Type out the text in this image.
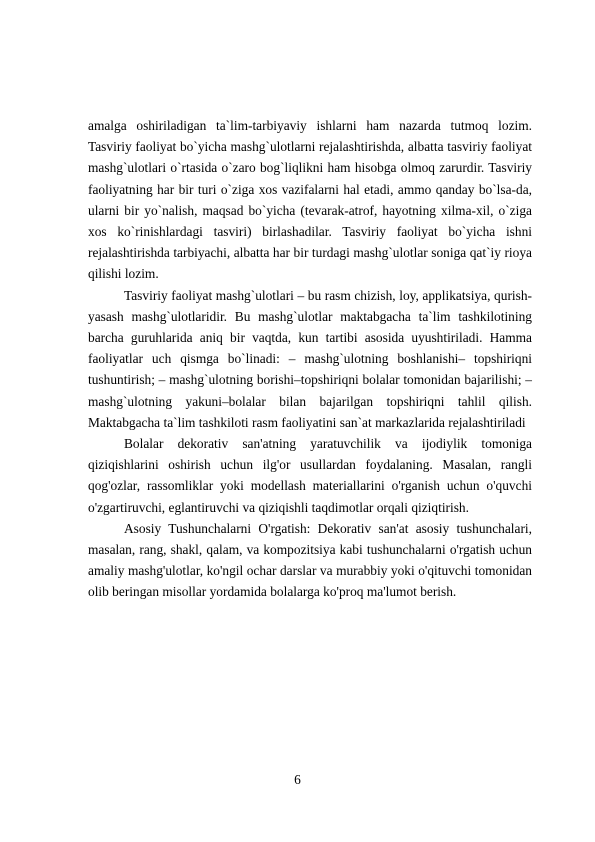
amalga oshiriladigan ta`lim-tarbiyaviy ishlarni ham nazarda tutmoq lozim. Tasviriy faoliyat bo`yicha mashg`ulotlarni rejalashtirishda, albatta tasviriy faoliyat mashg`ulotlari o`rtasida o`zaro bog`liqlikni ham hisobga olmoq zarurdir. Tasviriy faoliyatning har bir turi o`ziga xos vazifalarni hal etadi, ammo qanday bo`lsa-da, ularni bir yo`nalish, maqsad bo`yicha (tevarak-atrof, hayotning xilma-xil, o`ziga xos ko`rinishlardagi tasviri) birlashadilar. Tasviriy faoliyat bo`yicha ishni rejalashtirishda tarbiyachi, albatta har bir turdagi mashg`ulotlar soniga qat`iy rioya qilishi lozim.

Tasviriy faoliyat mashg`ulotlari – bu rasm chizish, loy, applikatsiya, qurish-yasash mashg`ulotlaridir. Bu mashg`ulotlar maktabgacha ta`lim tashkilotining barcha guruhlarida aniq bir vaqtda, kun tartibi asosida uyushtiriladi. Hamma faoliyatlar uch qismga bo`linadi: – mashg`ulotning boshlanishi– topshiriqni tushuntirish; – mashg`ulotning borishi–topshiriqni bolalar tomonidan bajarilishi; – mashg`ulotning yakuni–bolalar bilan bajarilgan topshiriqni tahlil qilish. Maktabgacha ta`lim tashkiloti rasm faoliyatini san`at markazlarida rejalashtiriladi

Bolalar dekorativ san'atning yaratuvchilik va ijodiylik tomoniga qiziqishlarini oshirish uchun ilg'or usullardan foydalaning. Masalan, rangli qog'ozlar, rassomliklar yoki modellash materiallarini o'rganish uchun o'quvchi o'zgartiruvchi, eglantiruvchi va qiziqishli taqdimotlar orqali qiziqtirish.

Asosiy Tushunchalarni O'rgatish: Dekorativ san'at asosiy tushunchalari, masalan, rang, shakl, qalam, va kompozitsiya kabi tushunchalarni o'rgatish uchun amaliy mashg'ulotlar, ko'ngil ochar darslar va murabbiy yoki o'qituvchi tomonidan olib beringan misollar yordamida bolalarga ko'proq ma'lumot berish.

6
